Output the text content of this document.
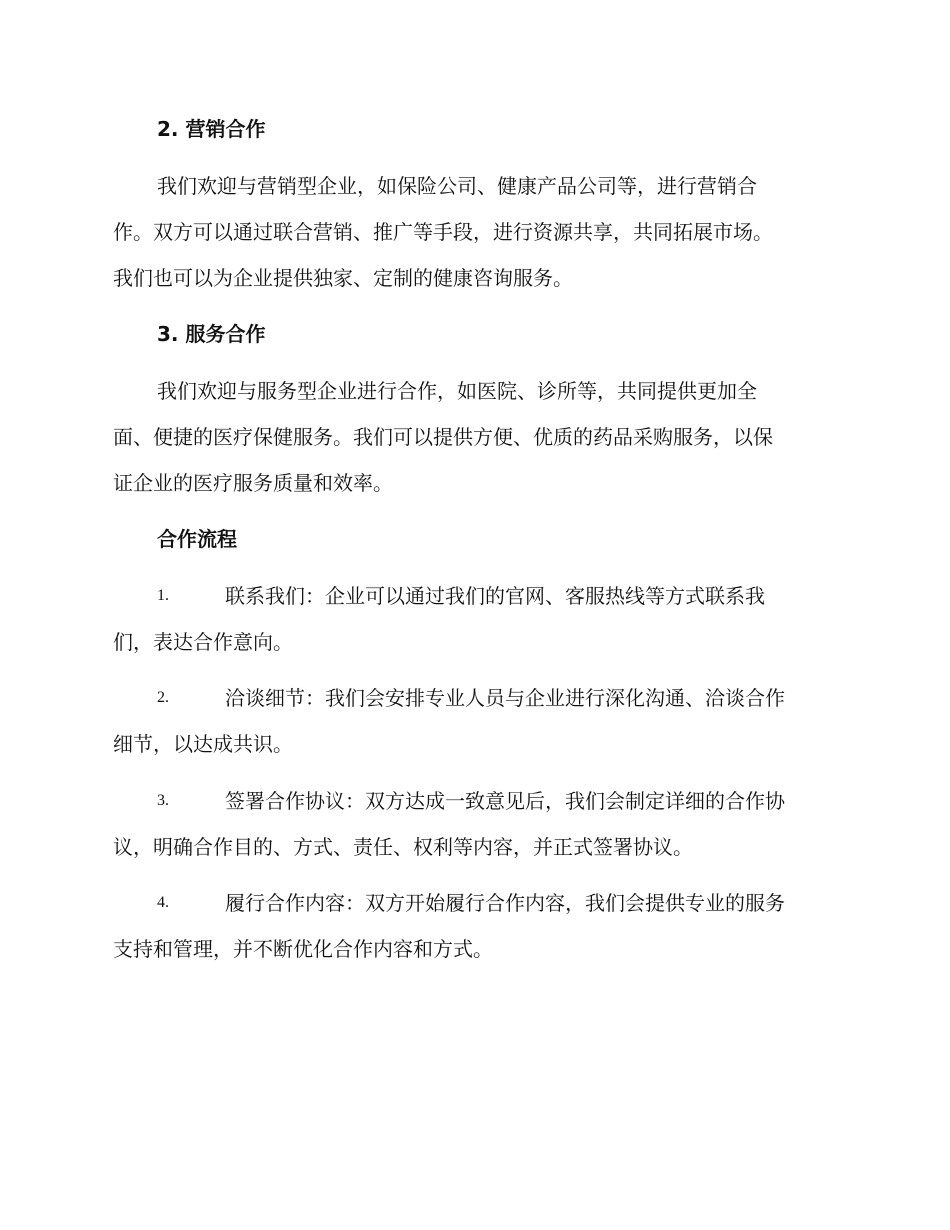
2. 营销合作
我们欢迎与营销型企业，如保险公司、健康产品公司等，进行营销合
作。双方可以通过联合营销、推广等手段，进行资源共享，共同拓展市场。
我们也可以为企业提供独家、定制的健康咨询服务。
3. 服务合作
我们欢迎与服务型企业进行合作，如医院、诊所等，共同提供更加全
面、便捷的医疗保健服务。我们可以提供方便、优质的药品采购服务，以保
证企业的医疗服务质量和效率。
合作流程
1.	联系我们：企业可以通过我们的官网、客服热线等方式联系我
们，表达合作意向。
2.	洽谈细节：我们会安排专业人员与企业进行深化沟通、洽谈合作
细节，以达成共识。
3.	签署合作协议：双方达成一致意见后，我们会制定详细的合作协
议，明确合作目的、方式、责任、权利等内容，并正式签署协议。
4.	履行合作内容：双方开始履行合作内容，我们会提供专业的服务
支持和管理，并不断优化合作内容和方式。
